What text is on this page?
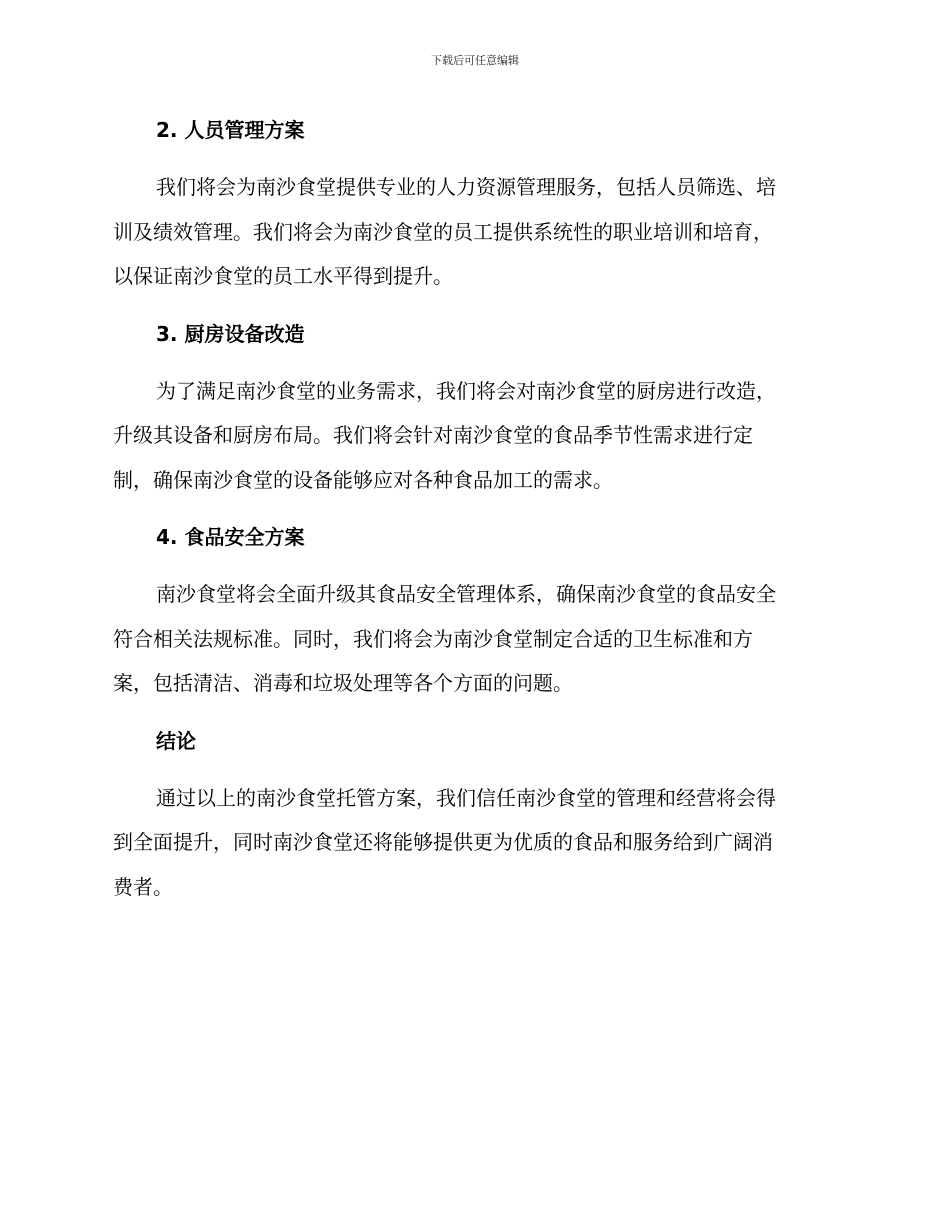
下载后可任意编辑
2. 人员管理方案

我们将会为南沙食堂提供专业的人力资源管理服务，包括人员筛选、培
训及绩效管理。我们将会为南沙食堂的员工提供系统性的职业培训和培育，
以保证南沙食堂的员工水平得到提升。

3. 厨房设备改造

为了满足南沙食堂的业务需求，我们将会对南沙食堂的厨房进行改造，
升级其设备和厨房布局。我们将会针对南沙食堂的食品季节性需求进行定
制，确保南沙食堂的设备能够应对各种食品加工的需求。

4. 食品安全方案

南沙食堂将会全面升级其食品安全管理体系，确保南沙食堂的食品安全
符合相关法规标准。同时，我们将会为南沙食堂制定合适的卫生标准和方
案，包括清洁、消毒和垃圾处理等各个方面的问题。

结论

通过以上的南沙食堂托管方案，我们信任南沙食堂的管理和经营将会得
到全面提升，同时南沙食堂还将能够提供更为优质的食品和服务给到广阔消
费者。
